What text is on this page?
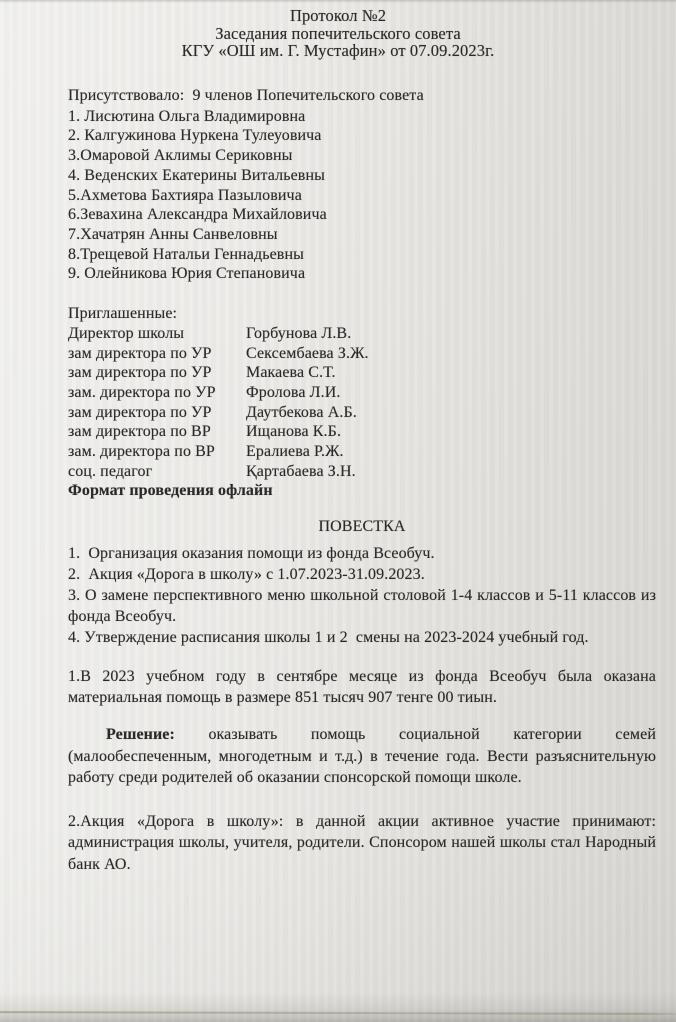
Протокол №2
Заседания попечительского совета
КГУ «ОШ им. Г. Мустафин» от 07.09.2023г.
Присутствовало:  9 членов Попечительского совета
1. Лисютина Ольга Владимировна
2. Калгужинова Нуркена Тулеуовича
3.Омаровой Аклимы Сериковны
4. Веденских Екатерины Витальевны
5.Ахметова Бахтияра Пазыловича
6.Зевахина Александра Михайловича
7.Хачатрян Анны Санвеловны
8.Трещевой Натальи Геннадьевны
9. Олейникова Юрия Степановича
Приглашенные:
Директор школы	Горбунова Л.В.
зам директора по УР	Сексембаева З.Ж.
зам директора по УР	Макаева С.Т.
зам. директора по УР	Фролова Л.И.
зам директора по УР	Даутбекова А.Б.
зам директора по ВР	Ищанова К.Б.
зам. директора по ВР	Ералиева Р.Ж.
соц. педагог	Қартабаева З.Н.
Формат проведения офлайн
ПОВЕСТКА
1.  Организация оказания помощи из фонда Всеобуч.
2.  Акция «Дорога в школу» с 1.07.2023-31.09.2023.
3. О замене перспективного меню школьной столовой 1-4 классов и 5-11 классов из фонда Всеобуч.
4. Утверждение расписания школы 1 и 2  смены на 2023-2024 учебный год.

1.В 2023 учебном году в сентябре месяце из фонда Всеобуч была оказана материальная помощь в размере 851 тысяч 907 тенге 00 тиын.

Решение: оказывать помощь социальной категории семей (малообеспеченным, многодетным и т.д.) в течение года. Вести разъяснительную работу среди родителей об оказании спонсорской помощи школе.

2.Акция «Дорога в школу»: в данной акции активное участие принимают: администрация школы, учителя, родители. Спонсором нашей школы стал Народный банк АО.
